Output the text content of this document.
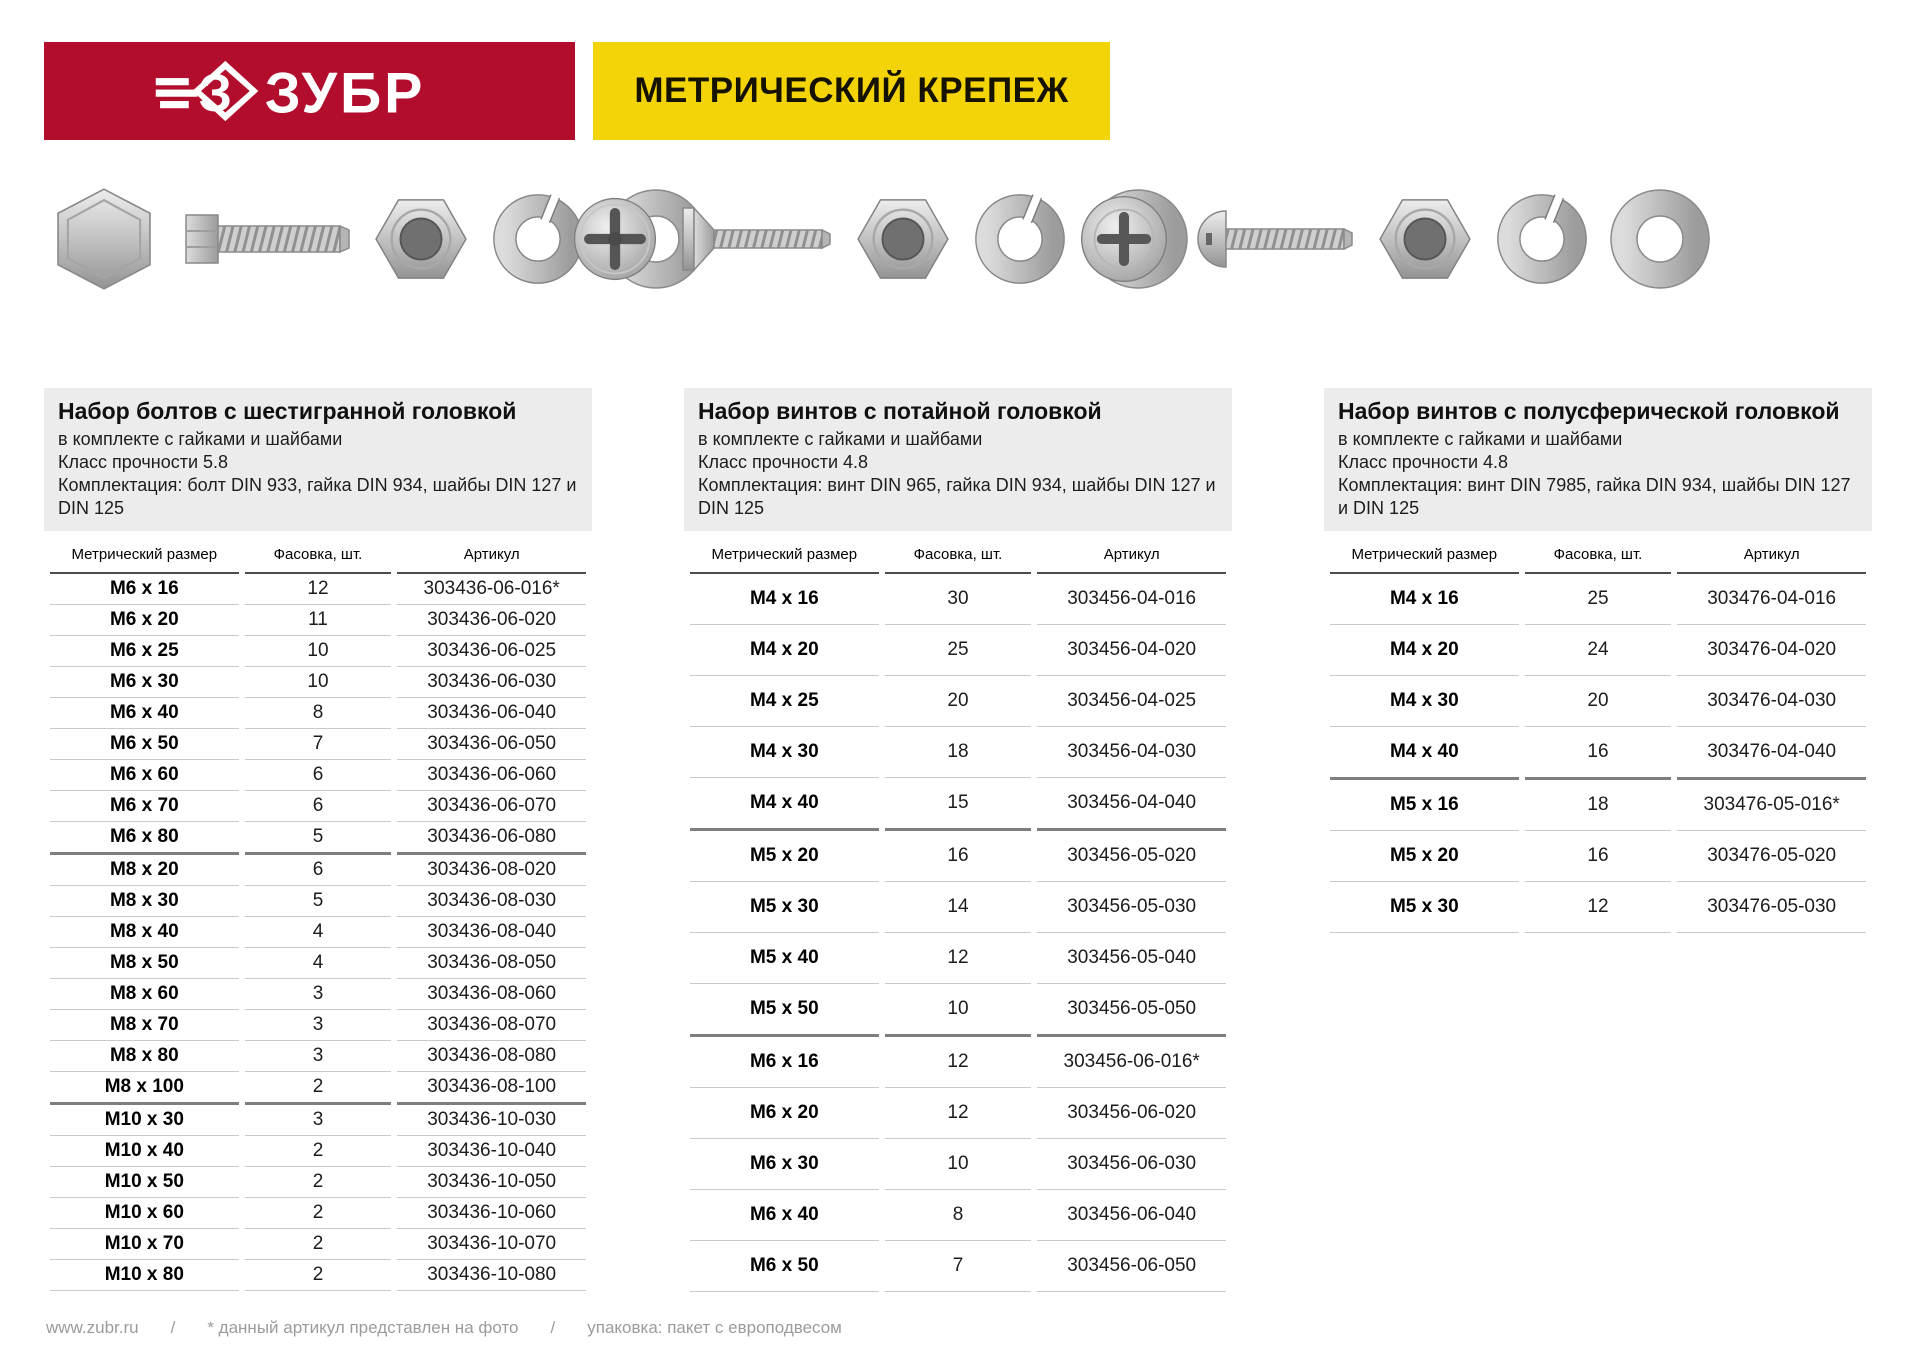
З ЗУБР	МЕТРИЧЕСКИЙ КРЕПЕЖ
Набор болтов с шестигранной головкой

в комплекте с гайками и шайбами

Класс прочности 5.8

Комплектация: болт DIN 933, гайка DIN 934, шайбы DIN 127 и DIN 125

Метрический размер	Фасовка, шт.	Артикул
M6 x 16	12	303436-06-016*
M6 x 20	11	303436-06-020
M6 x 25	10	303436-06-025
M6 x 30	10	303436-06-030
M6 x 40	8	303436-06-040
M6 x 50	7	303436-06-050
M6 x 60	6	303436-06-060
M6 x 70	6	303436-06-070
M6 x 80	5	303436-06-080
M8 x 20	6	303436-08-020
M8 x 30	5	303436-08-030
M8 x 40	4	303436-08-040
M8 x 50	4	303436-08-050
M8 x 60	3	303436-08-060
M8 x 70	3	303436-08-070
M8 x 80	3	303436-08-080
M8 x 100	2	303436-08-100
M10 x 30	3	303436-10-030
M10 x 40	2	303436-10-040
M10 x 50	2	303436-10-050
M10 x 60	2	303436-10-060
M10 x 70	2	303436-10-070
M10 x 80	2	303436-10-080
Набор винтов с потайной головкой

в комплекте с гайками и шайбами

Класс прочности 4.8

Комплектация: винт DIN 965, гайка DIN 934, шайбы DIN 127 и DIN 125

Метрический размер	Фасовка, шт.	Артикул
M4 x 16	30	303456-04-016
M4 x 20	25	303456-04-020
M4 x 25	20	303456-04-025
M4 x 30	18	303456-04-030
M4 x 40	15	303456-04-040
M5 x 20	16	303456-05-020
M5 x 30	14	303456-05-030
M5 x 40	12	303456-05-040
M5 x 50	10	303456-05-050
M6 x 16	12	303456-06-016*
M6 x 20	12	303456-06-020
M6 x 30	10	303456-06-030
M6 x 40	8	303456-06-040
M6 x 50	7	303456-06-050
Набор винтов с полусферической головкой

в комплекте с гайками и шайбами

Класс прочности 4.8

Комплектация: винт DIN 7985, гайка DIN 934, шайбы DIN 127 и DIN 125

Метрический размер	Фасовка, шт.	Артикул
M4 x 16	25	303476-04-016
M4 x 20	24	303476-04-020
M4 x 30	20	303476-04-030
M4 x 40	16	303476-04-040
M5 x 16	18	303476-05-016*
M5 x 20	16	303476-05-020
M5 x 30	12	303476-05-030
www.zubr.ru / * данный артикул представлен на фото / упаковка: пакет с европодвесом
